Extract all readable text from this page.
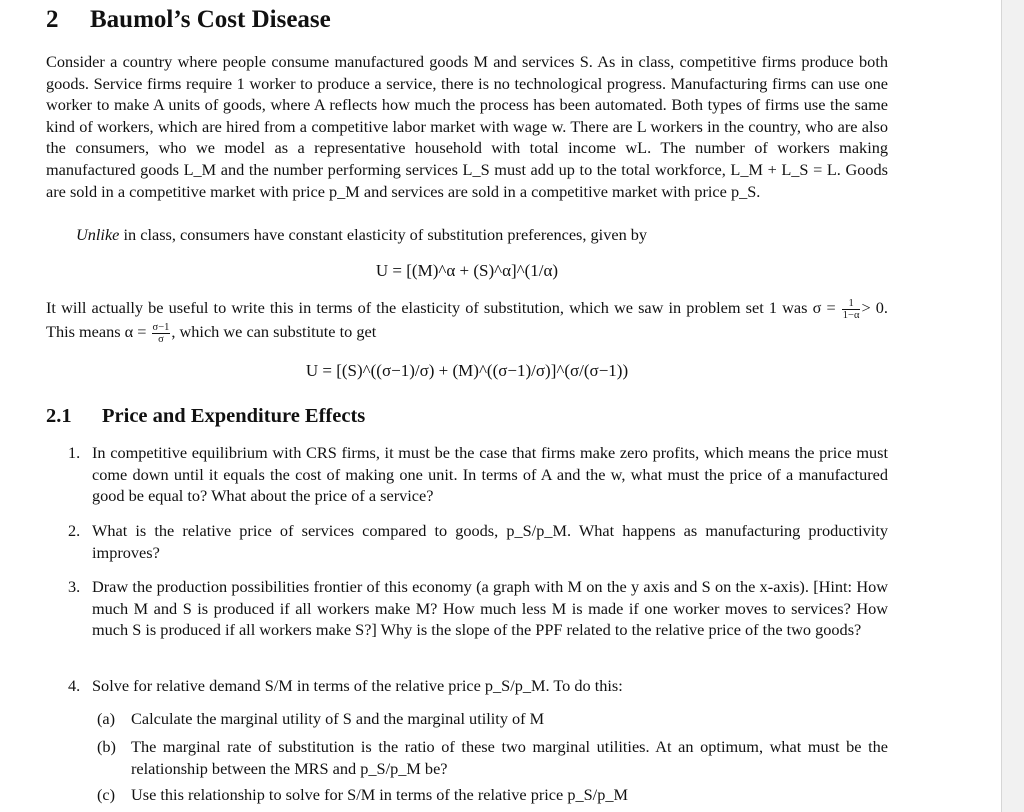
2 Baumol’s Cost Disease
Consider a country where people consume manufactured goods M and services S. As in class, competitive firms produce both goods. Service firms require 1 worker to produce a service, there is no technological progress. Manufacturing firms can use one worker to make A units of goods, where A reflects how much the process has been automated. Both types of firms use the same kind of workers, which are hired from a competitive labor market with wage w. There are L workers in the country, who are also the consumers, who we model as a representative household with total income wL. The number of workers making manufactured goods L_M and the number performing services L_S must add up to the total workforce, L_M + L_S = L. Goods are sold in a competitive market with price p_M and services are sold in a competitive market with price p_S.
Unlike in class, consumers have constant elasticity of substitution preferences, given by
U = [(M)^α + (S)^α]^(1/α)
It will actually be useful to write this in terms of the elasticity of substitution, which we saw in problem set 1 was $\sigma = \frac{1}{1-\alpha} > 0$. This means $\alpha = \frac{\sigma-1}{\sigma}$ , which we can substitute to get
U = [(S)^((σ−1)/σ) + (M)^((σ−1)/σ)]^(σ/(σ−1))
2.1 Price and Expenditure Effects
1. In competitive equilibrium with CRS firms, it must be the case that firms make zero profits, which means the price must come down until it equals the cost of making one unit. In terms of A and the w, what must the price of a manufactured good be equal to? What about the price of a service?
2. What is the relative price of services compared to goods, p_S/p_M. What happens as manufacturing productivity improves?
3. Draw the production possibilities frontier of this economy (a graph with M on the y axis and S on the x-axis). [Hint: How much M and S is produced if all workers make M? How much less M is made if one worker moves to services? How much S is produced if all workers make S?] Why is the slope of the PPF related to the relative price of the two goods?
4. Solve for relative demand S/M in terms of the relative price p_S/p_M. To do this:
(a) Calculate the marginal utility of S and the marginal utility of M
(b) The marginal rate of substitution is the ratio of these two marginal utilities. At an optimum, what must be the relationship between the MRS and p_S/p_M be?
(c) Use this relationship to solve for S/M in terms of the relative price p_S/p_M
